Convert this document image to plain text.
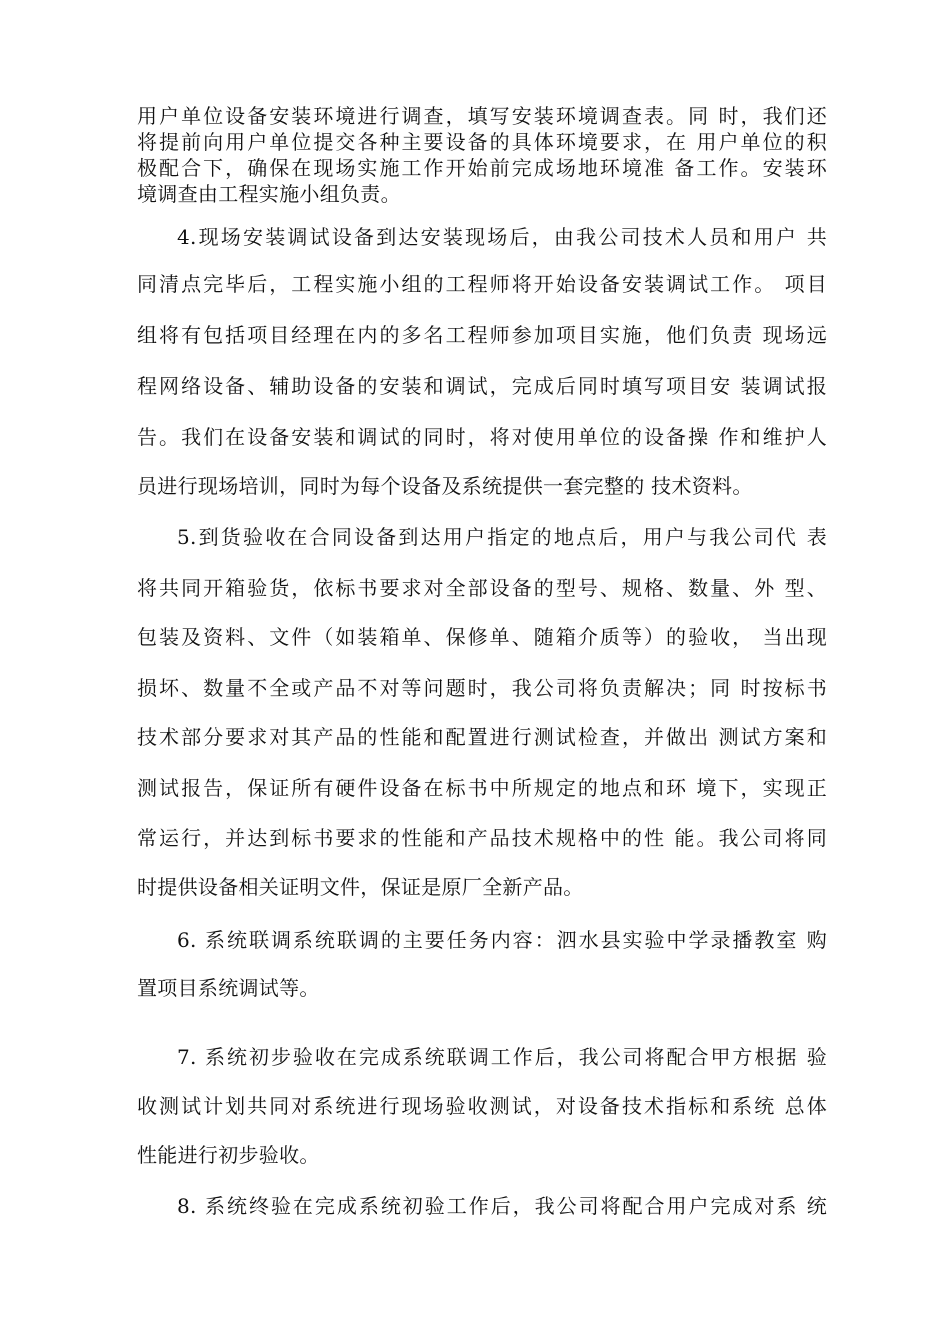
用户单位设备安装环境进行调查，填写安装环境调查表。同 时，我们还
将提前向用户单位提交各种主要设备的具体环境要求，在 用户单位的积
极配合下，确保在现场实施工作开始前完成场地环境准 备工作。安装环
境调查由工程实施小组负责。
4.现场安装调试设备到达安装现场后，由我公司技术人员和用户 共
同清点完毕后，工程实施小组的工程师将开始设备安装调试工作。 项目
组将有包括项目经理在内的多名工程师参加项目实施，他们负责 现场远
程网络设备、辅助设备的安装和调试，完成后同时填写项目安 装调试报
告。我们在设备安装和调试的同时，将对使用单位的设备操 作和维护人
员进行现场培训，同时为每个设备及系统提供一套完整的 技术资料。
5.到货验收在合同设备到达用户指定的地点后，用户与我公司代 表
将共同开箱验货，依标书要求对全部设备的型号、规格、数量、外 型、
包装及资料、文件（如装箱单、保修单、随箱介质等）的验收， 当出现
损坏、数量不全或产品不对等问题时，我公司将负责解决；同 时按标书
技术部分要求对其产品的性能和配置进行测试检查，并做出 测试方案和
测试报告，保证所有硬件设备在标书中所规定的地点和环 境下，实现正
常运行，并达到标书要求的性能和产品技术规格中的性 能。我公司将同
时提供设备相关证明文件，保证是原厂全新产品。
6. 系统联调系统联调的主要任务内容：泗水县实验中学录播教室 购
置项目系统调试等。
7. 系统初步验收在完成系统联调工作后，我公司将配合甲方根据 验
收测试计划共同对系统进行现场验收测试，对设备技术指标和系统 总体
性能进行初步验收。
8. 系统终验在完成系统初验工作后，我公司将配合用户完成对系 统
